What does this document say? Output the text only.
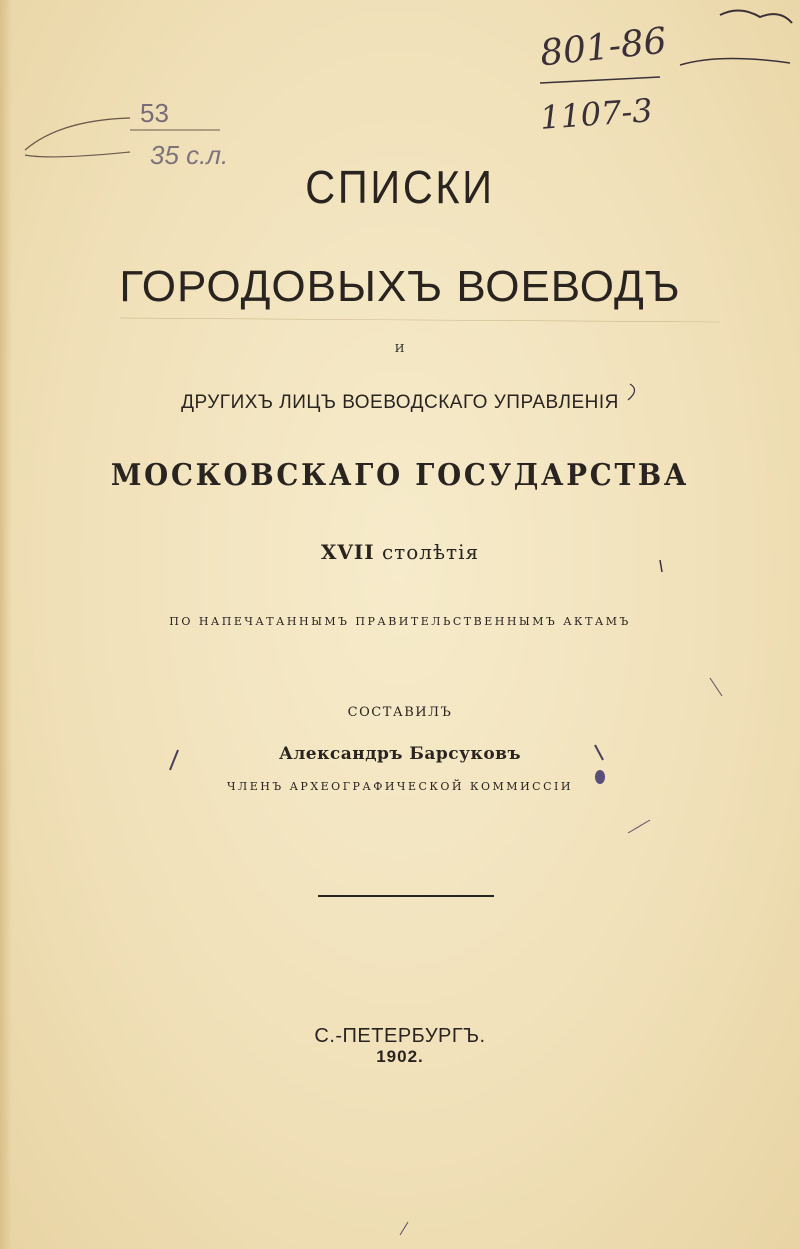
53
35 с.л.
801-86
1107-3
СПИСКИ
ГОРОДОВЫХЪ ВОЕВОДЪ
И
ДРУГИХЪ ЛИЦЪ ВОЕВОДСКАГО УПРАВЛЕНІЯ
МОСКОВСКАГО ГОСУДАРСТВА
XVII столѣтія
ПО НАПЕЧАТАННЫМЪ ПРАВИТЕЛЬСТВЕННЫМЪ АКТАМЪ
СОСТАВИЛЪ
Александръ Барсуковъ
ЧЛЕНЪ АРХЕОГРАФИЧЕСКОЙ КОММИССІИ
С.-ПЕТЕРБУРГЪ.
1902.
